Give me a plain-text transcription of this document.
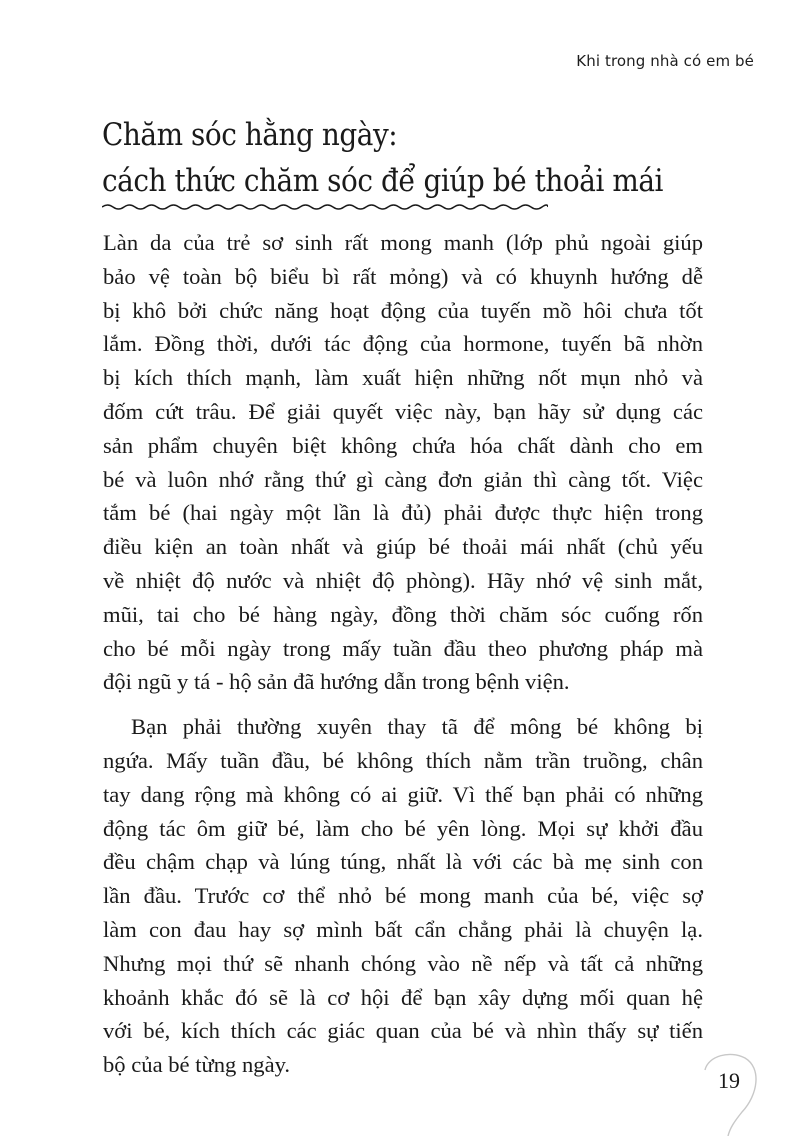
Khi trong nhà có em bé
Chăm sóc hằng ngày:
cách thức chăm sóc để giúp bé thoải mái

Làn da của trẻ sơ sinh rất mong manh (lớp phủ ngoài giúp
bảo vệ toàn bộ biểu bì rất mỏng) và có khuynh hướng dễ
bị khô bởi chức năng hoạt động của tuyến mồ hôi chưa tốt
lắm. Đồng thời, dưới tác động của hormone, tuyến bã nhờn
bị kích thích mạnh, làm xuất hiện những nốt mụn nhỏ và
đốm cứt trâu. Để giải quyết việc này, bạn hãy sử dụng các
sản phẩm chuyên biệt không chứa hóa chất dành cho em
bé và luôn nhớ rằng thứ gì càng đơn giản thì càng tốt. Việc
tắm bé (hai ngày một lần là đủ) phải được thực hiện trong
điều kiện an toàn nhất và giúp bé thoải mái nhất (chủ yếu
về nhiệt độ nước và nhiệt độ phòng). Hãy nhớ vệ sinh mắt,
mũi, tai cho bé hàng ngày, đồng thời chăm sóc cuống rốn
cho bé mỗi ngày trong mấy tuần đầu theo phương pháp mà
đội ngũ y tá - hộ sản đã hướng dẫn trong bệnh viện.

Bạn phải thường xuyên thay tã để mông bé không bị
ngứa. Mấy tuần đầu, bé không thích nằm trần truồng, chân
tay dang rộng mà không có ai giữ. Vì thế bạn phải có những
động tác ôm giữ bé, làm cho bé yên lòng. Mọi sự khởi đầu
đều chậm chạp và lúng túng, nhất là với các bà mẹ sinh con
lần đầu. Trước cơ thể nhỏ bé mong manh của bé, việc sợ
làm con đau hay sợ mình bất cẩn chẳng phải là chuyện lạ.
Nhưng mọi thứ sẽ nhanh chóng vào nề nếp và tất cả những
khoảnh khắc đó sẽ là cơ hội để bạn xây dựng mối quan hệ
với bé, kích thích các giác quan của bé và nhìn thấy sự tiến
bộ của bé từng ngày.

19
